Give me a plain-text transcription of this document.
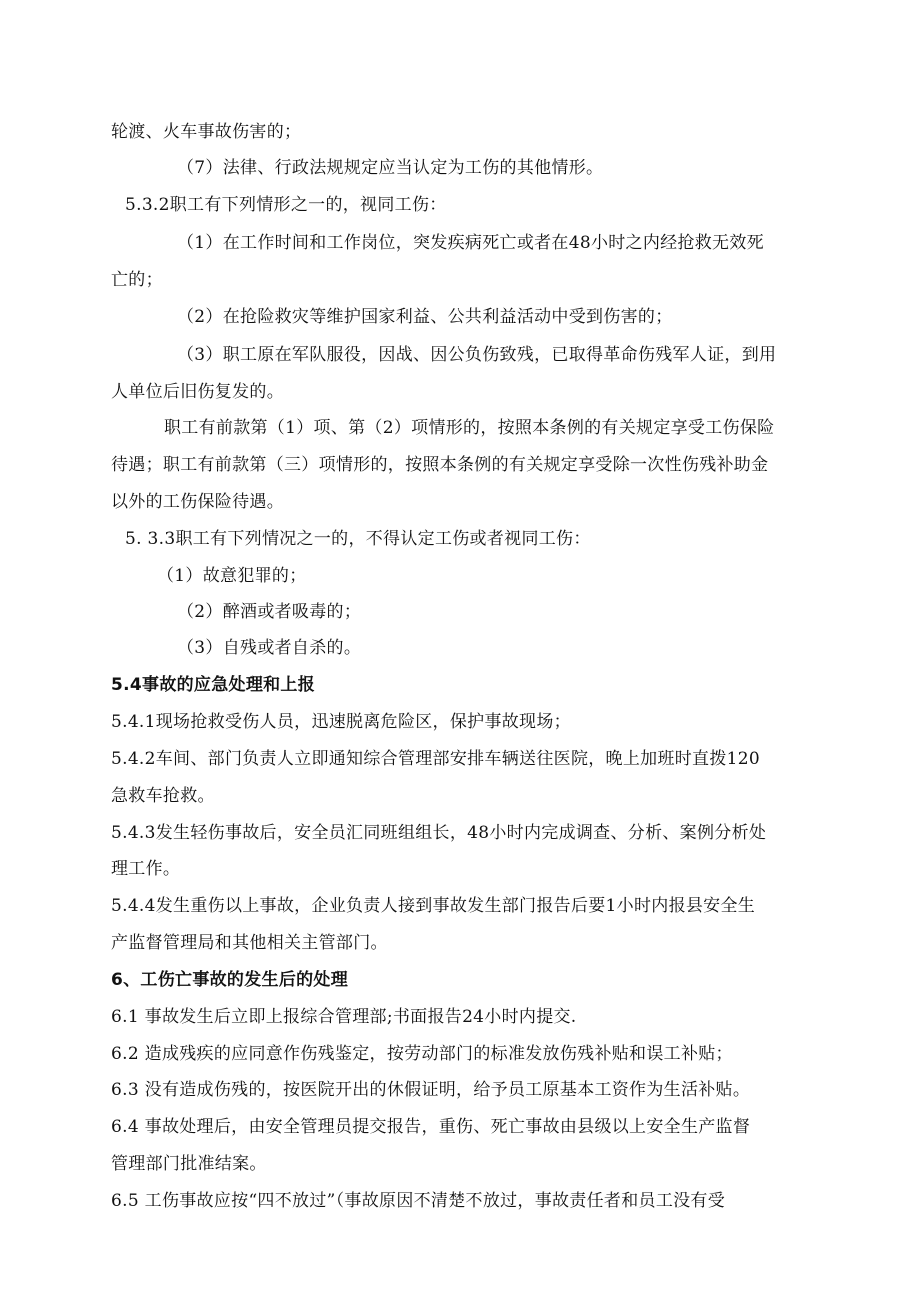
轮渡、火车事故伤害的；
（7）法律、行政法规规定应当认定为工伤的其他情形。
5.3.2职工有下列情形之一的，视同工伤：
（1）在工作时间和工作岗位，突发疾病死亡或者在48小时之内经抢救无效死
亡的；
（2）在抢险救灾等维护国家利益、公共利益活动中受到伤害的；
（3）职工原在军队服役，因战、因公负伤致残，已取得革命伤残军人证，到用
人单位后旧伤复发的。
职工有前款第（1）项、第（2）项情形的，按照本条例的有关规定享受工伤保险
待遇；职工有前款第（三）项情形的，按照本条例的有关规定享受除一次性伤残补助金
以外的工伤保险待遇。
5. 3.3职工有下列情况之一的，不得认定工伤或者视同工伤：
（1）故意犯罪的；
（2）醉酒或者吸毒的；
（3）自残或者自杀的。
5.4事故的应急处理和上报
5.4.1现场抢救受伤人员，迅速脱离危险区，保护事故现场；
5.4.2车间、部门负责人立即通知综合管理部安排车辆送往医院，晚上加班时直拨120
急救车抢救。
5.4.3发生轻伤事故后，安全员汇同班组组长，48小时内完成调查、分析、案例分析处
理工作。
5.4.4发生重伤以上事故，企业负责人接到事故发生部门报告后要1小时内报县安全生
产监督管理局和其他相关主管部门。
6、工伤亡事故的发生后的处理
6.1 事故发生后立即上报综合管理部;书面报告24小时内提交.
6.2 造成残疾的应同意作伤残鉴定，按劳动部门的标准发放伤残补贴和误工补贴；
6.3 没有造成伤残的，按医院开出的休假证明，给予员工原基本工资作为生活补贴。
6.4 事故处理后，由安全管理员提交报告，重伤、死亡事故由县级以上安全生产监督
管理部门批准结案。
6.5 工伤事故应按“四不放过”（事故原因不清楚不放过，事故责任者和员工没有受
